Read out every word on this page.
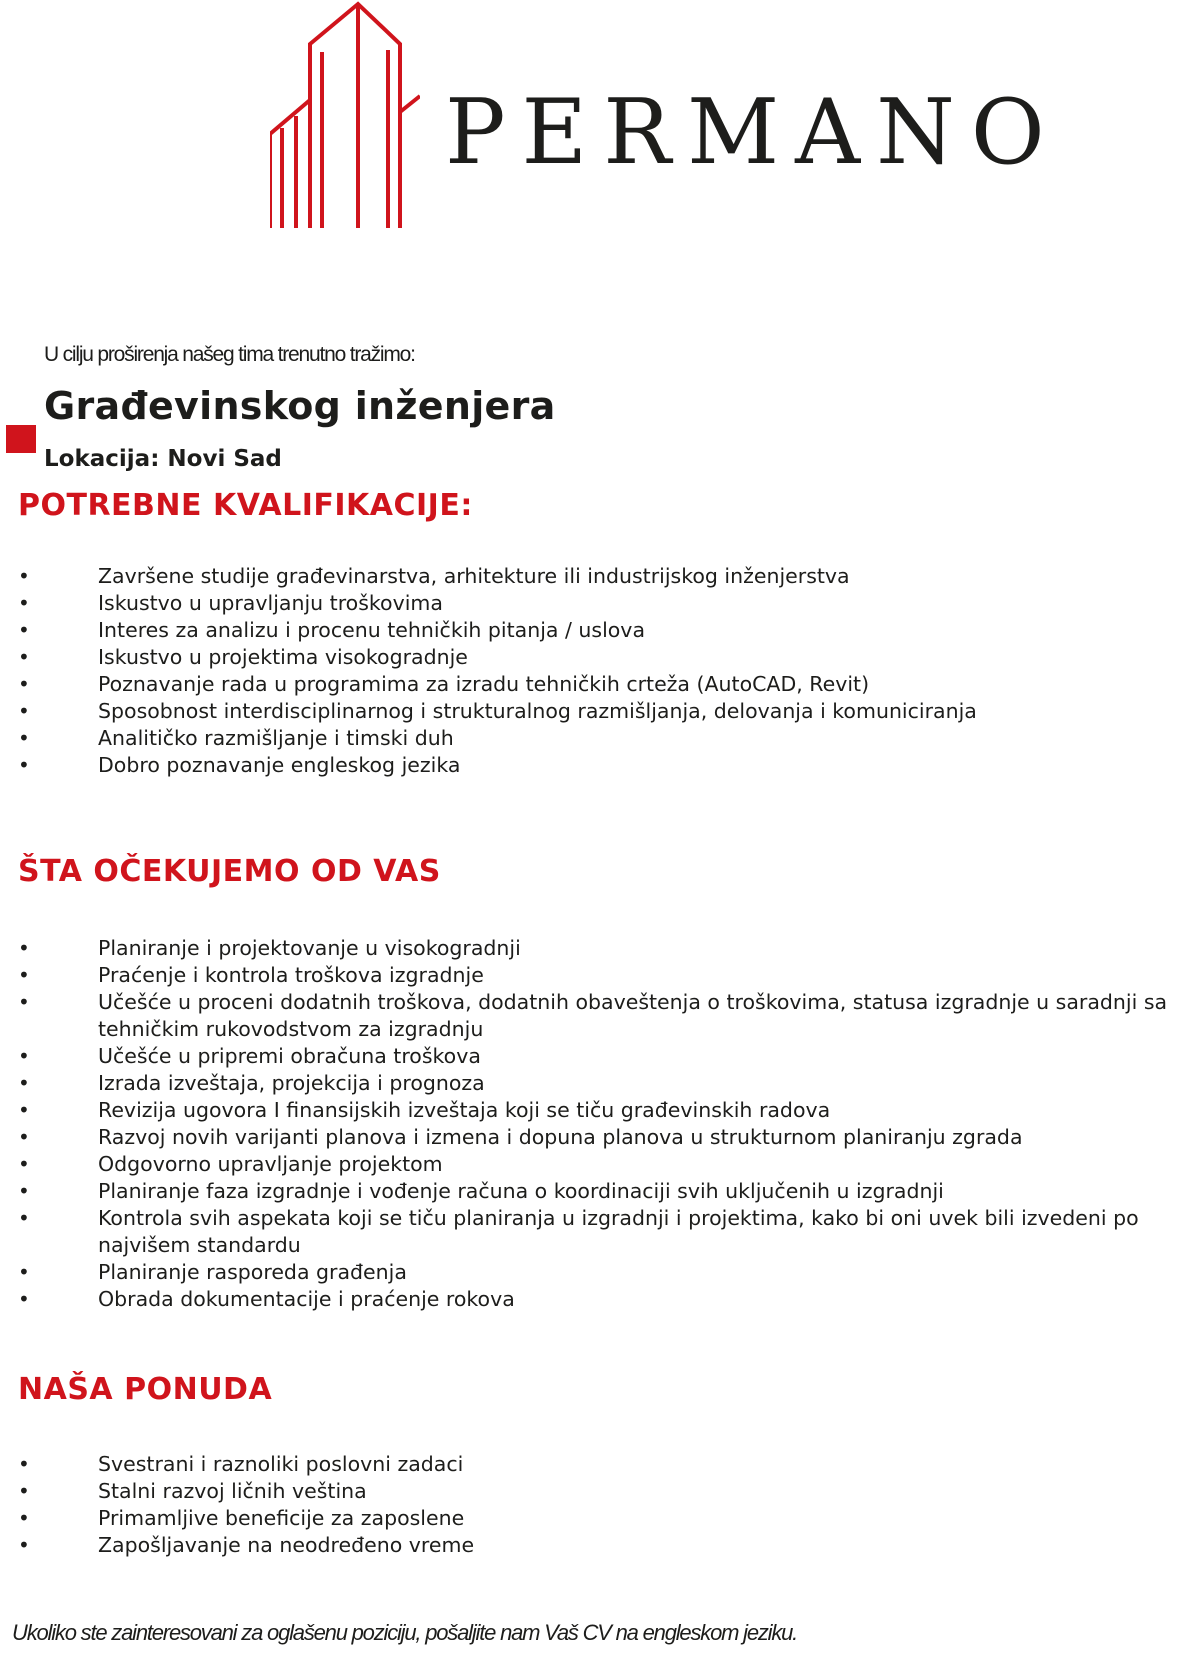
PERMANO
U cilju proširenja našeg tima trenutno tražimo:
Građevinskog inženjera
Lokacija: Novi Sad
POTREBNE KVALIFIKACIJE:
• Završene studije građevinarstva, arhitekture ili industrijskog inženjerstva
• Iskustvo u upravljanju troškovima
• Interes za analizu i procenu tehničkih pitanja / uslova
• Iskustvo u projektima visokogradnje
• Poznavanje rada u programima za izradu tehničkih crteža (AutoCAD, Revit)
• Sposobnost interdisciplinarnog i strukturalnog razmišljanja, delovanja i komuniciranja
• Analitičko razmišljanje i timski duh
• Dobro poznavanje engleskog jezika
ŠTA OČEKUJEMO OD VAS
• Planiranje i projektovanje u visokogradnji
• Praćenje i kontrola troškova izgradnje
• Učešće u proceni dodatnih troškova, dodatnih obaveštenja o troškovima, statusa izgradnje u saradnji sa tehničkim rukovodstvom za izgradnju
• Učešće u pripremi obračuna troškova
• Izrada izveštaja, projekcija i prognoza
• Revizija ugovora I finansijskih izveštaja koji se tiču građevinskih radova
• Razvoj novih varijanti planova i izmena i dopuna planova u strukturnom planiranju zgrada
• Odgovorno upravljanje projektom
• Planiranje faza izgradnje i vođenje računa o koordinaciji svih uključenih u izgradnji
• Kontrola svih aspekata koji se tiču planiranja u izgradnji i projektima, kako bi oni uvek bili izvedeni po najvišem standardu
• Planiranje rasporeda građenja
• Obrada dokumentacije i praćenje rokova
NAŠA PONUDA
• Svestrani i raznoliki poslovni zadaci
• Stalni razvoj ličnih veština
• Primamljive beneficije za zaposlene
• Zapošljavanje na neodređeno vreme
Ukoliko ste zainteresovani za oglašenu poziciju, pošaljite nam Vaš CV na engleskom jeziku.
